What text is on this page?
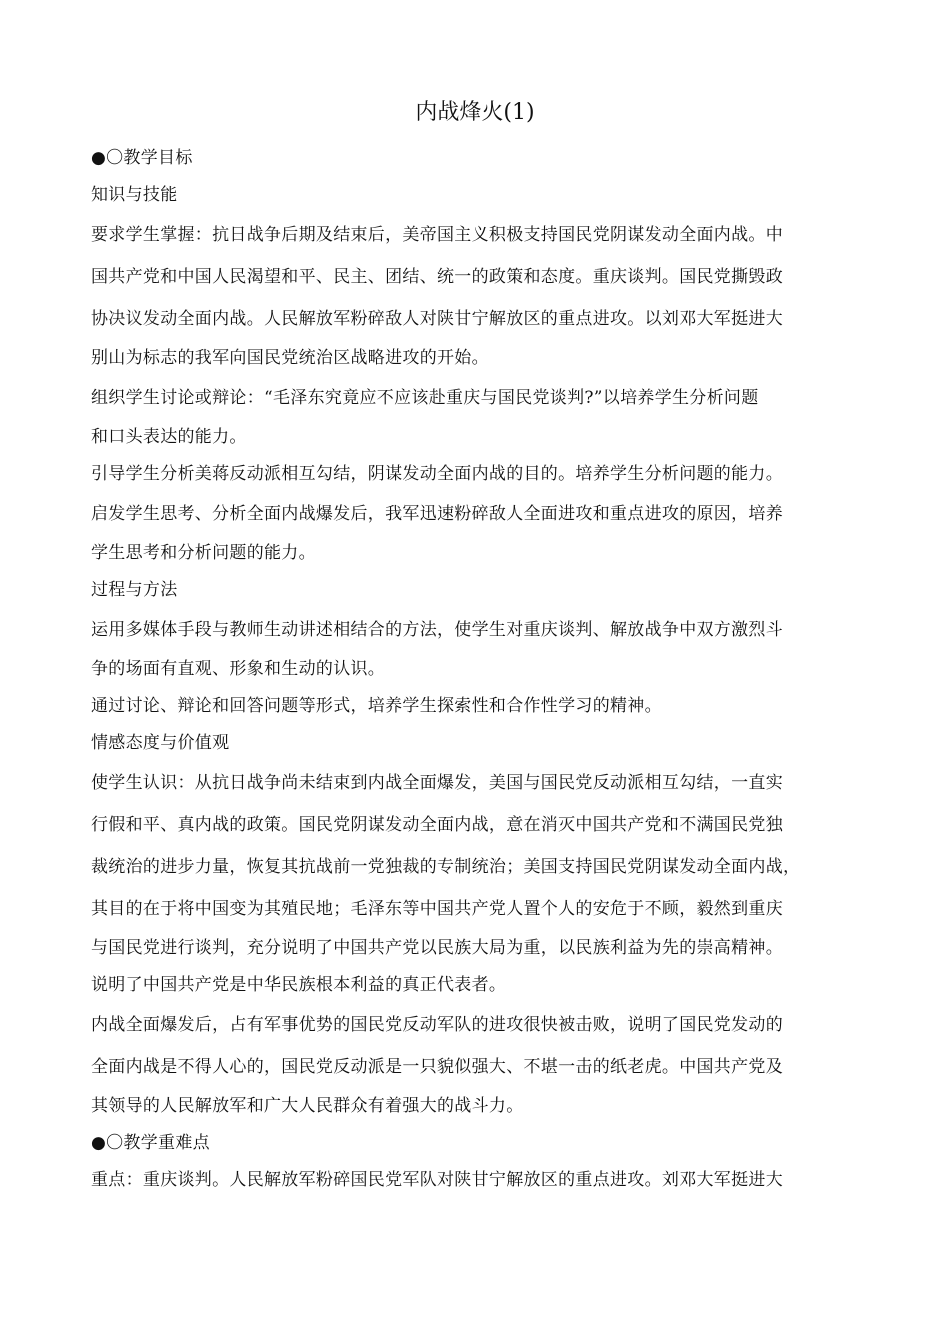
内战烽火(1)

●〇教学目标

知识与技能

要求学生掌握：抗日战争后期及结束后，美帝国主义积极支持国民党阴谋发动全面内战。中

国共产党和中国人民渴望和平、民主、团结、统一的政策和态度。重庆谈判。国民党撕毁政

协决议发动全面内战。人民解放军粉碎敌人对陕甘宁解放区的重点进攻。以刘邓大军挺进大

别山为标志的我军向国民党统治区战略进攻的开始。

组织学生讨论或辩论：“毛泽东究竟应不应该赴重庆与国民党谈判?”以培养学生分析问题

和口头表达的能力。

引导学生分析美蒋反动派相互勾结，阴谋发动全面内战的目的。培养学生分析问题的能力。

启发学生思考、分析全面内战爆发后，我军迅速粉碎敌人全面进攻和重点进攻的原因，培养

学生思考和分析问题的能力。

过程与方法

运用多媒体手段与教师生动讲述相结合的方法，使学生对重庆谈判、解放战争中双方激烈斗

争的场面有直观、形象和生动的认识。

通过讨论、辩论和回答问题等形式，培养学生探索性和合作性学习的精神。

情感态度与价值观

使学生认识：从抗日战争尚未结束到内战全面爆发，美国与国民党反动派相互勾结，一直实

行假和平、真内战的政策。国民党阴谋发动全面内战，意在消灭中国共产党和不满国民党独

裁统治的进步力量，恢复其抗战前一党独裁的专制统治；美国支持国民党阴谋发动全面内战，

其目的在于将中国变为其殖民地；毛泽东等中国共产党人置个人的安危于不顾，毅然到重庆

与国民党进行谈判，充分说明了中国共产党以民族大局为重，以民族利益为先的崇高精神。

说明了中国共产党是中华民族根本利益的真正代表者。

内战全面爆发后，占有军事优势的国民党反动军队的进攻很快被击败，说明了国民党发动的

全面内战是不得人心的，国民党反动派是一只貌似强大、不堪一击的纸老虎。中国共产党及

其领导的人民解放军和广大人民群众有着强大的战斗力。

●〇教学重难点

重点：重庆谈判。人民解放军粉碎国民党军队对陕甘宁解放区的重点进攻。刘邓大军挺进大
